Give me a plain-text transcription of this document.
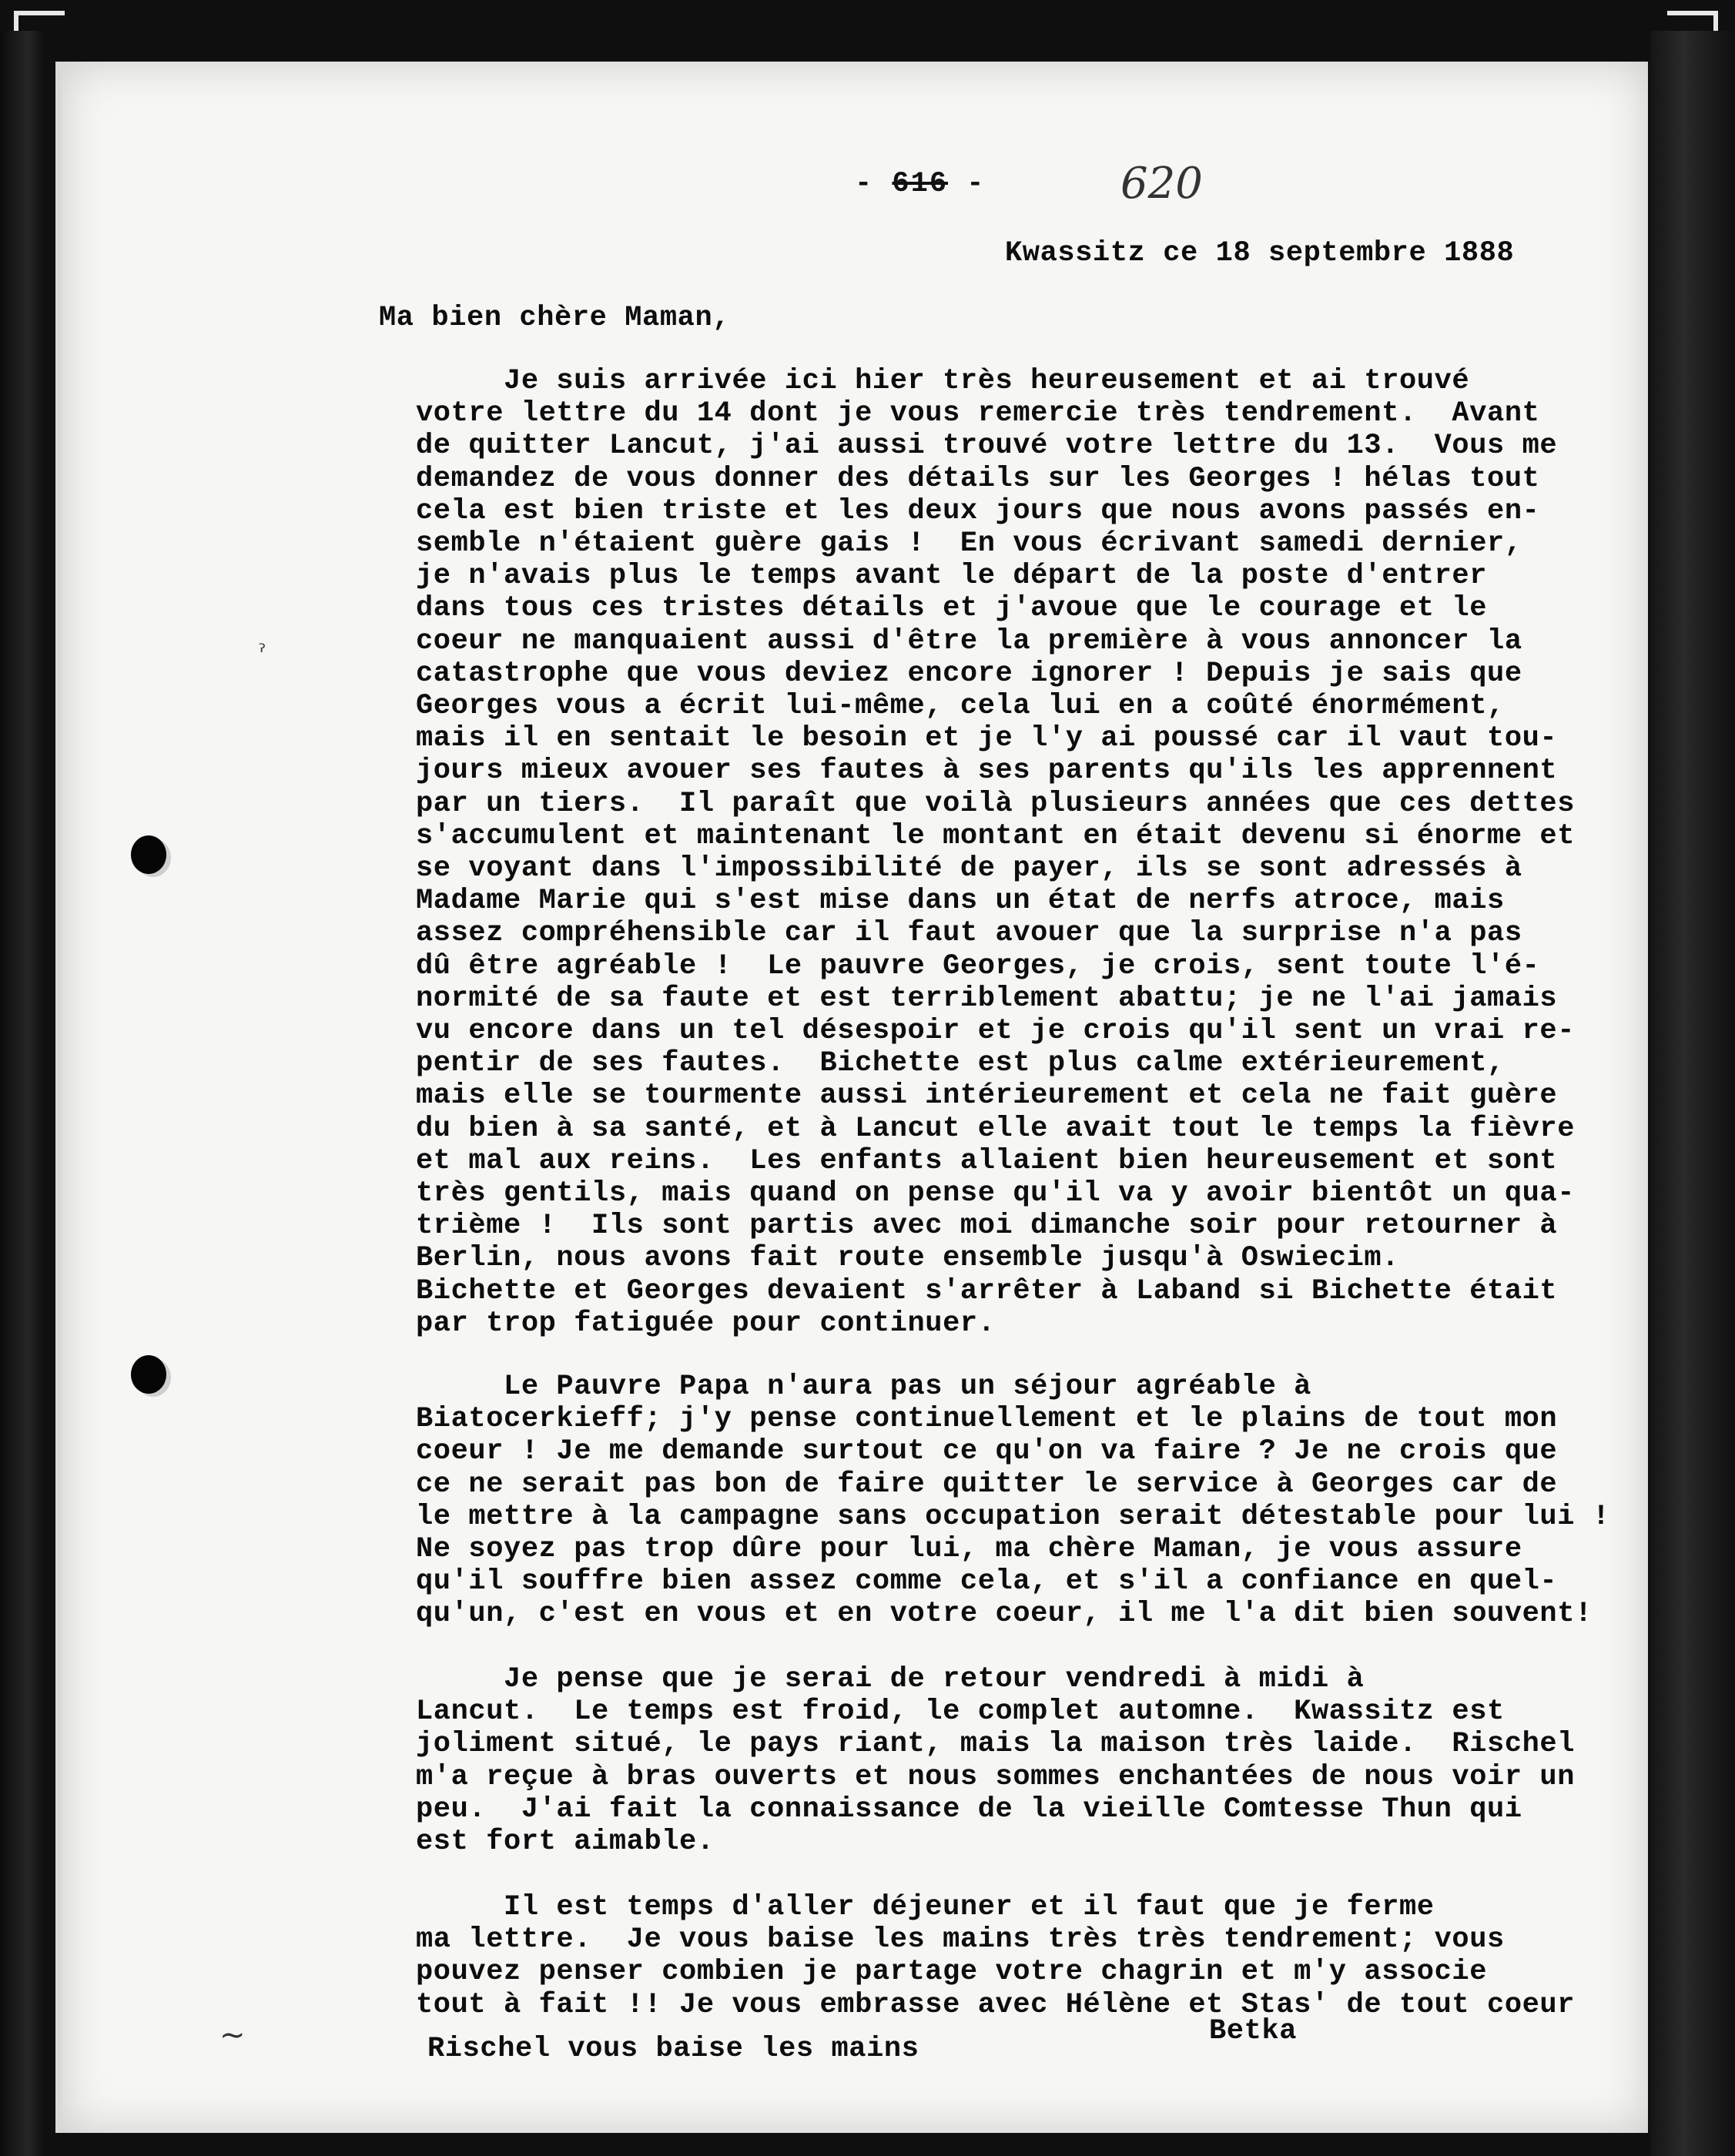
ˀ
~
- 616 -	620
Kwassitz ce 18 septembre 1888
Ma bien chère Maman,
Je suis arrivée ici hier très heureusement et ai trouvé
votre lettre du 14 dont je vous remercie très tendrement.  Avant
de quitter Lancut, j'ai aussi trouvé votre lettre du 13.  Vous me
demandez de vous donner des détails sur les Georges ! hélas tout
cela est bien triste et les deux jours que nous avons passés en-
semble n'étaient guère gais !  En vous écrivant samedi dernier,
je n'avais plus le temps avant le départ de la poste d'entrer
dans tous ces tristes détails et j'avoue que le courage et le
coeur ne manquaient aussi d'être la première à vous annoncer la
catastrophe que vous deviez encore ignorer ! Depuis je sais que
Georges vous a écrit lui-même, cela lui en a coûté énormément,
mais il en sentait le besoin et je l'y ai poussé car il vaut tou-
jours mieux avouer ses fautes à ses parents qu'ils les apprennent
par un tiers.  Il paraît que voilà plusieurs années que ces dettes
s'accumulent et maintenant le montant en était devenu si énorme et
se voyant dans l'impossibilité de payer, ils se sont adressés à
Madame Marie qui s'est mise dans un état de nerfs atroce, mais
assez compréhensible car il faut avouer que la surprise n'a pas
dû être agréable !  Le pauvre Georges, je crois, sent toute l'é-
normité de sa faute et est terriblement abattu; je ne l'ai jamais
vu encore dans un tel désespoir et je crois qu'il sent un vrai re-
pentir de ses fautes.  Bichette est plus calme extérieurement,
mais elle se tourmente aussi intérieurement et cela ne fait guère
du bien à sa santé, et à Lancut elle avait tout le temps la fièvre
et mal aux reins.  Les enfants allaient bien heureusement et sont
très gentils, mais quand on pense qu'il va y avoir bientôt un qua-
trième !  Ils sont partis avec moi dimanche soir pour retourner à
Berlin, nous avons fait route ensemble jusqu'à Oswiecim.
Bichette et Georges devaient s'arrêter à Laband si Bichette était
par trop fatiguée pour continuer.
Le Pauvre Papa n'aura pas un séjour agréable à
Biatocerkieff; j'y pense continuellement et le plains de tout mon
coeur ! Je me demande surtout ce qu'on va faire ? Je ne crois que
ce ne serait pas bon de faire quitter le service à Georges car de
le mettre à la campagne sans occupation serait détestable pour lui !
Ne soyez pas trop dûre pour lui, ma chère Maman, je vous assure
qu'il souffre bien assez comme cela, et s'il a confiance en quel-
qu'un, c'est en vous et en votre coeur, il me l'a dit bien souvent!
Je pense que je serai de retour vendredi à midi à
Lancut.  Le temps est froid, le complet automne.  Kwassitz est
joliment situé, le pays riant, mais la maison très laide.  Rischel
m'a reçue à bras ouverts et nous sommes enchantées de nous voir un
peu.  J'ai fait la connaissance de la vieille Comtesse Thun qui
est fort aimable.
Il est temps d'aller déjeuner et il faut que je ferme
ma lettre.  Je vous baise les mains très très tendrement; vous
pouvez penser combien je partage votre chagrin et m'y associe
tout à fait !! Je vous embrasse avec Hélène et Stas' de tout coeur
Rischel vous baise les mains
Betka
